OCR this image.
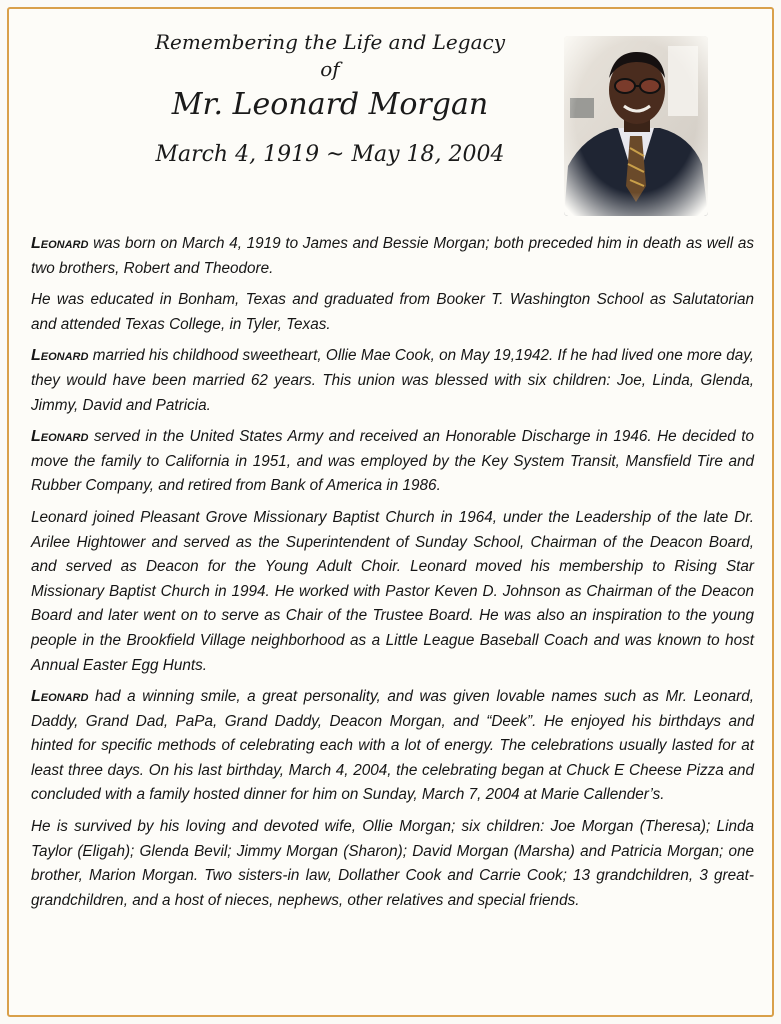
Remembering the Life and Legacy
of
Mr. Leonard Morgan
March 4, 1919 ~ May 18, 2004

Leonard was born on March 4, 1919 to James and Bessie Morgan; both preceded him in death as well as two brothers, Robert and Theodore.

He was educated in Bonham, Texas and graduated from Booker T. Washington School as Salutatorian and attended Texas College, in Tyler, Texas.

Leonard married his childhood sweetheart, Ollie Mae Cook, on May 19,1942. If he had lived one more day, they would have been married 62 years. This union was blessed with six children: Joe, Linda, Glenda, Jimmy, David and Patricia.

Leonard served in the United States Army and received an Honorable Discharge in 1946. He decided to move the family to California in 1951, and was employed by the Key System Transit, Mansfield Tire and Rubber Company, and retired from Bank of America in 1986.

Leonard joined Pleasant Grove Missionary Baptist Church in 1964, under the Leadership of the late Dr. Arilee Hightower and served as the Superintendent of Sunday School, Chairman of the Deacon Board, and served as Deacon for the Young Adult Choir. Leonard moved his membership to Rising Star Missionary Baptist Church in 1994. He worked with Pastor Keven D. Johnson as Chairman of the Deacon Board and later went on to serve as Chair of the Trustee Board. He was also an inspiration to the young people in the Brookfield Village neighborhood as a Little League Baseball Coach and was known to host Annual Easter Egg Hunts.

Leonard had a winning smile, a great personality, and was given lovable names such as Mr. Leonard, Daddy, Grand Dad, PaPa, Grand Daddy, Deacon Morgan, and “Deek”. He enjoyed his birthdays and hinted for specific methods of celebrating each with a lot of energy. The celebrations usually lasted for at least three days. On his last birthday, March 4, 2004, the celebrating began at Chuck E Cheese Pizza and concluded with a family hosted dinner for him on Sunday, March 7, 2004 at Marie Callender’s.

He is survived by his loving and devoted wife, Ollie Morgan; six children: Joe Morgan (Theresa); Linda Taylor (Eligah); Glenda Bevil; Jimmy Morgan (Sharon); David Morgan (Marsha) and Patricia Morgan; one brother, Marion Morgan. Two sisters-in law, Dollather Cook and Carrie Cook; 13 grandchildren, 3 great-grandchildren, and a host of nieces, nephews, other relatives and special friends.
